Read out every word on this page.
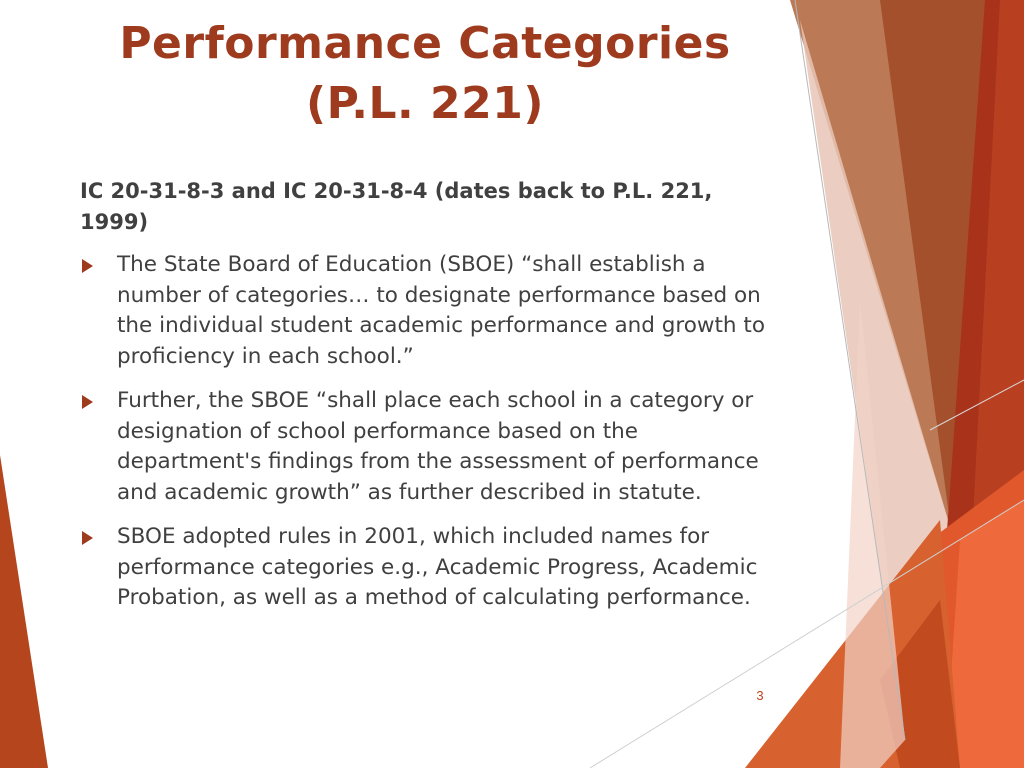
Performance Categories
(P.L. 221)

IC 20-31-8-3 and IC 20-31-8-4 (dates back to P.L. 221, 1999)

The State Board of Education (SBOE) “shall establish a number of categories… to designate performance based on the individual student academic performance and growth to proficiency in each school.”
Further, the SBOE “shall place each school in a category or designation of school performance based on the department's findings from the assessment of performance and academic growth” as further described in statute.
SBOE adopted rules in 2001, which included names for performance categories e.g., Academic Progress, Academic Probation, as well as a method of calculating performance.
3
